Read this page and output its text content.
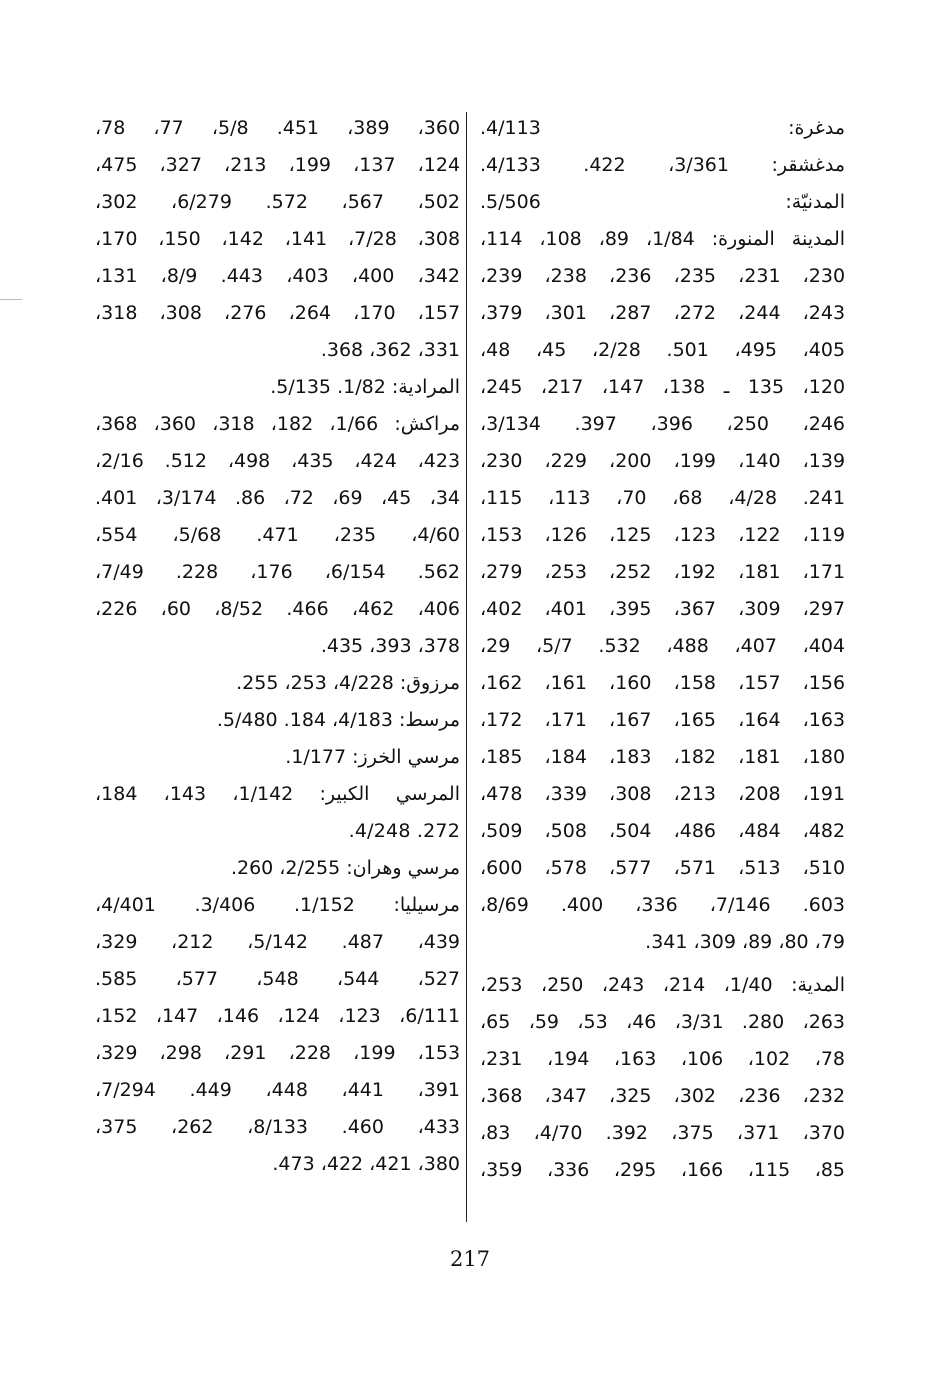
مدغرة: 4/113.
مدغشقر: 3/361، 422. 4/133.
المدنيّة: 5/506.
المدينة المنورة: 1/84، 89، 108، 114،
230، 231، 235، 236، 238، 239،
243، 244، 272، 287، 301، 379،
405، 495، 501. 2/28، 45، 48،
120، 135 ـ 138، 147، 217، 245،
246، 250، 396، 397. 3/134،
139، 140، 199، 200، 229، 230،
241. 4/28، 68، 70، 113، 115،
119، 122، 123، 125، 126، 153،
171، 181، 192، 252، 253، 279،
297، 309، 367، 395، 401، 402،
404، 407، 488، 532. 5/7، 29،
156، 157، 158، 160، 161، 162،
163، 164، 165، 167، 171، 172،
180، 181، 182، 183، 184، 185،
191، 208، 213، 308، 339، 478،
482، 484، 486، 504، 508، 509،
510، 513، 571، 577، 578، 600،
603. 7/146، 336، 400. 8/69،
79، 80، 89، 309، 341.
المدية: 1/40، 214، 243، 250، 253،
263، 280. 3/31، 46، 53، 59، 65،
78، 102، 106، 163، 194، 231،
232، 236، 302، 325، 347، 368،
370، 371، 375، 392. 4/70، 83،
85، 115، 166، 295، 336، 359،
360، 389، 451. 5/8، 77، 78،
124، 137، 199، 213، 327، 475،
502، 567، 572. 6/279، 302،
308، 7/28، 141، 142، 150، 170،
342، 400، 403، 443. 8/9، 131،
157، 170، 264، 276، 308، 318،
331، 362، 368.
المرادية: 1/82. 5/135.
مراكش: 1/66، 182، 318، 360، 368،
423، 424، 435، 498، 512. 2/16،
34، 45، 69، 72، 86. 3/174، 401.
4/60، 235، 471. 5/68، 554،
562. 6/154، 176، 228. 7/49،
406، 462، 466. 8/52، 60، 226،
378، 393، 435.
مرزوق: 4/228، 253، 255.
مرسط: 4/183، 184. 5/480.
مرسي الخرز: 1/177.
المرسي الكبير: 1/142، 143، 184،
272. 4/248.
مرسي وهران: 2/255، 260.
مرسيليا: 1/152. 3/406. 4/401،
439، 487. 5/142، 212، 329،
527، 544، 548، 577، 585.
6/111، 123، 124، 146، 147، 152،
153، 199، 228، 291، 298، 329،
391، 441، 448، 449. 7/294،
433، 460. 8/133، 262، 375،
380، 421، 422، 473.
217
